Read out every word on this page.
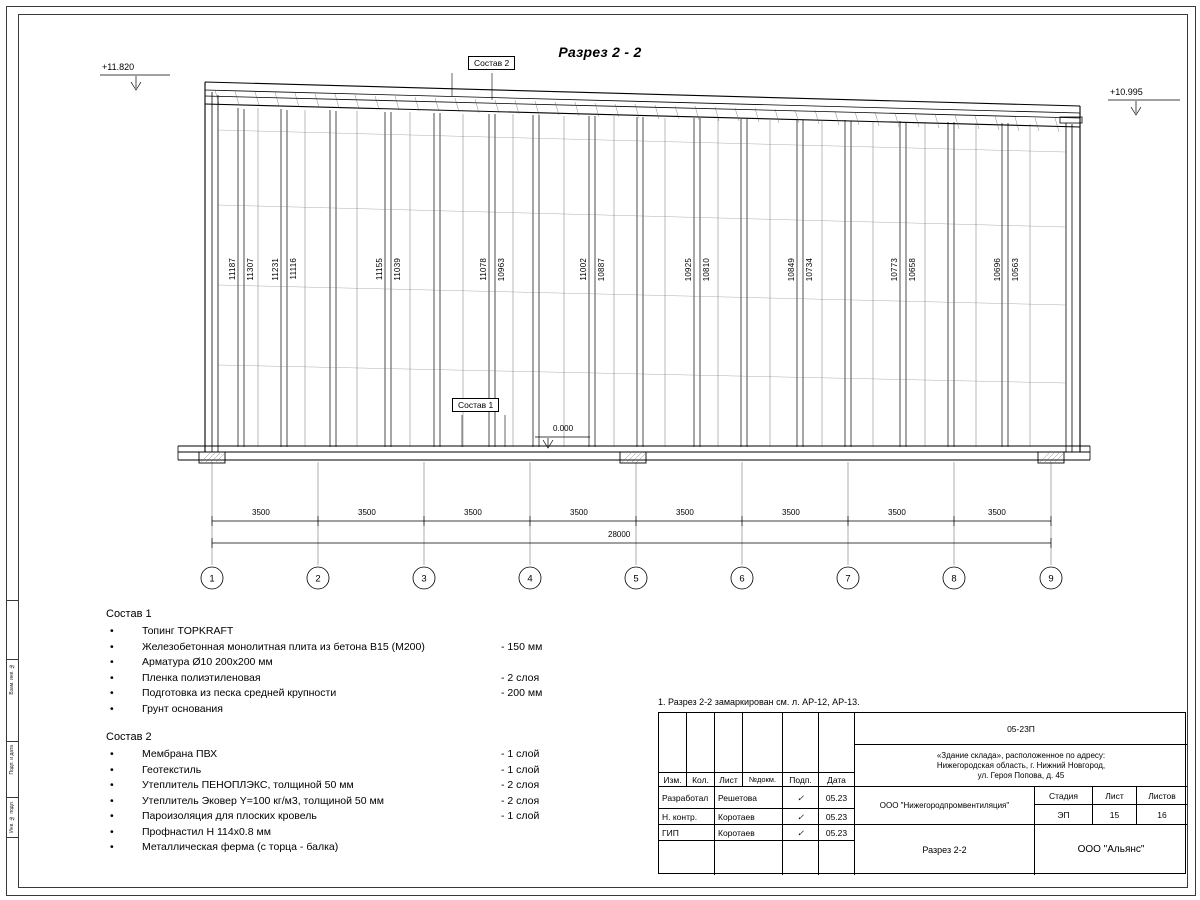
Взам. инв. №
Подп. и дата
Инв. № подл.
Разрез 2 - 2
1	2	3	4	5	6	7	8	9
+11.820
+10.995
0.000
Состав 2
Состав 1
11187 11307 11231 11116	11155 11039	11078 10963	11002 10887	10925 10810	10849 10734	10773 10658	10696 10563
3500	3500	3500	3500	3500	3500	3500	3500
28000
Состав 1
• Топинг TOPKRAFT
• Железобетонная монолитная плита из бетона В15 (М200)	- 150 мм
• Арматура Ø10 200х200 мм
• Пленка полиэтиленовая	- 2 слоя
• Подготовка из песка средней крупности	- 200 мм
• Грунт основания
Состав 2
• Мембрана ПВХ	- 1 слой
• Геотекстиль	- 1 слой
• Утеплитель ПЕНОПЛЭКС, толщиной 50 мм	- 2 слоя
• Утеплитель Эковер Y=100 кг/м3, толщиной 50 мм	- 2 слоя
• Пароизоляция для плоских кровель	- 1 слой
• Профнастил Н 114х0.8 мм
• Металлическая ферма (с торца - балка)
1. Разрез 2-2 замаркирован см. л. АР-12, АР-13.
Изм.	Кол.	Лист	№докм.	Подп.	Дата
Разработал	Решетова	✓	05.23
Н. контр.	Коротаев	✓	05.23
ГИП	Коротаев	✓	05.23
05-23П
«Здание склада», расположенное по адресу:
Нижегородская область, г. Нижний Новгород,
ул. Героя Попова, д. 45
ООО "Нижегородпромвентиляция"
Стадия	Лист	Листов
ЭП	15	16
Разрез 2-2	ООО "Альянс"
